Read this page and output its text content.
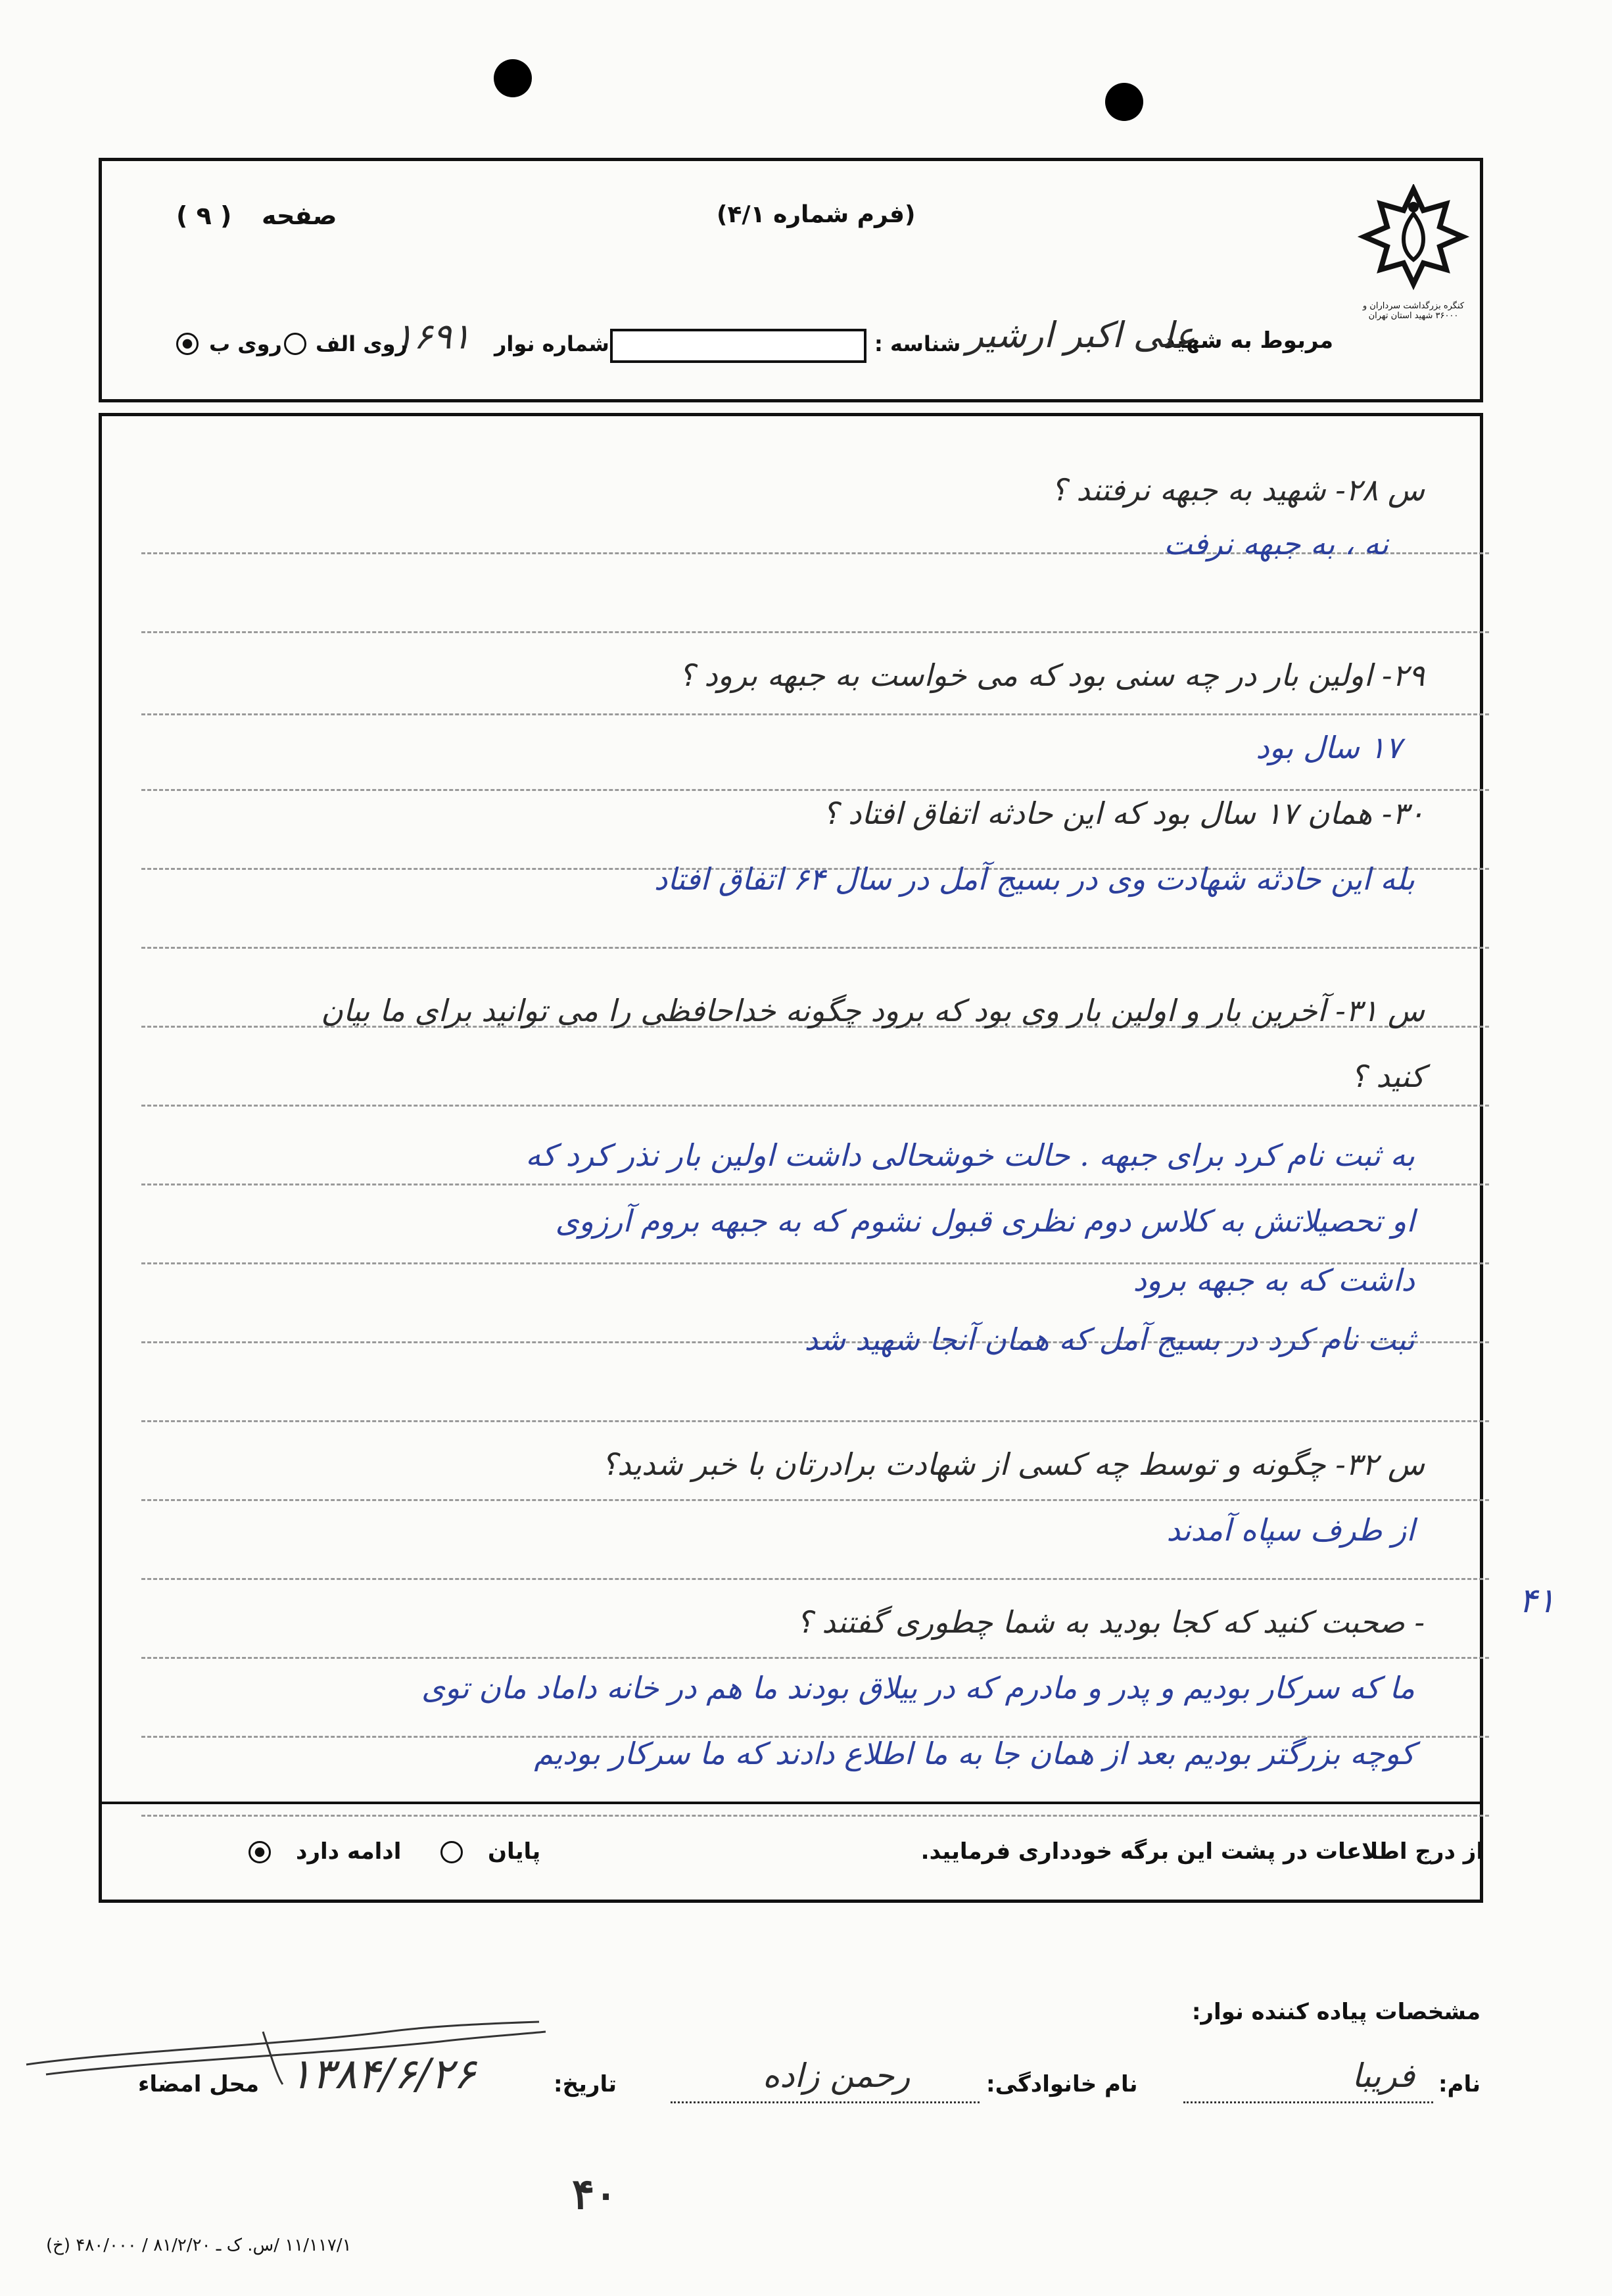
کنگره بزرگداشت سرداران و ۳۶۰۰۰ شهید استان تهران
(فرم شماره ۴/۱)
صفحه
( ۹ )
مربوط به شهید
علی اکبر ارشیر
شناسه :
شماره نوار
۱۶۹۱
روی الف
روی ب
س ۲۸- شهید به جبهه نرفتند ؟
نه ، به جبهه نرفت
۲۹- اولین بار در چه سنی بود که می خواست به جبهه برود ؟
۱۷ سال بود
۳۰- همان ۱۷ سال بود که این حادثه اتفاق افتاد ؟
بله این حادثه شهادت وی در بسیج آمل در سال ۶۴ اتفاق افتاد
س ۳۱- آخرین بار و اولین بار وی بود که برود چگونه خداحافظی را می توانید برای ما بیان
کنید ؟
به ثبت نام کرد برای جبهه . حالت خوشحالی داشت اولین بار نذر کرد که
او تحصیلاتش به کلاس دوم نظری قبول نشوم که به جبهه بروم آرزوی
داشت که به جبهه برود
ثبت نام کرد در بسیج آمل که همان آنجا شهید شد
س ۳۲- چگونه و توسط چه کسی از شهادت برادرتان با خبر شدید؟
از طرف سپاه آمدند
- صحبت کنید که کجا بودید به شما چطوری گفتند ؟
ما که سرکار بودیم و پدر و مادرم که در ییلاق بودند ما هم در خانه داماد مان توی
کوچه بزرگتر بودیم بعد از همان جا به ما اطلاع دادند که ما سرکار بودیم
۴۱
از درج اطلاعات در پشت این برگه خودداری فرمایید.
پایان
ادامه دارد
مشخصات پیاده کننده نوار:
نام:
فریبا
نام خانوادگی:
رحمن زاده
تاریخ:
۱۳۸۴/۶/۲۶
محل امضاء
۴۰
۱۱/۱۱۷/۱ /س. ک ـ ۸۱/۲/۲۰ / ۴۸۰/۰۰۰ (خ)
